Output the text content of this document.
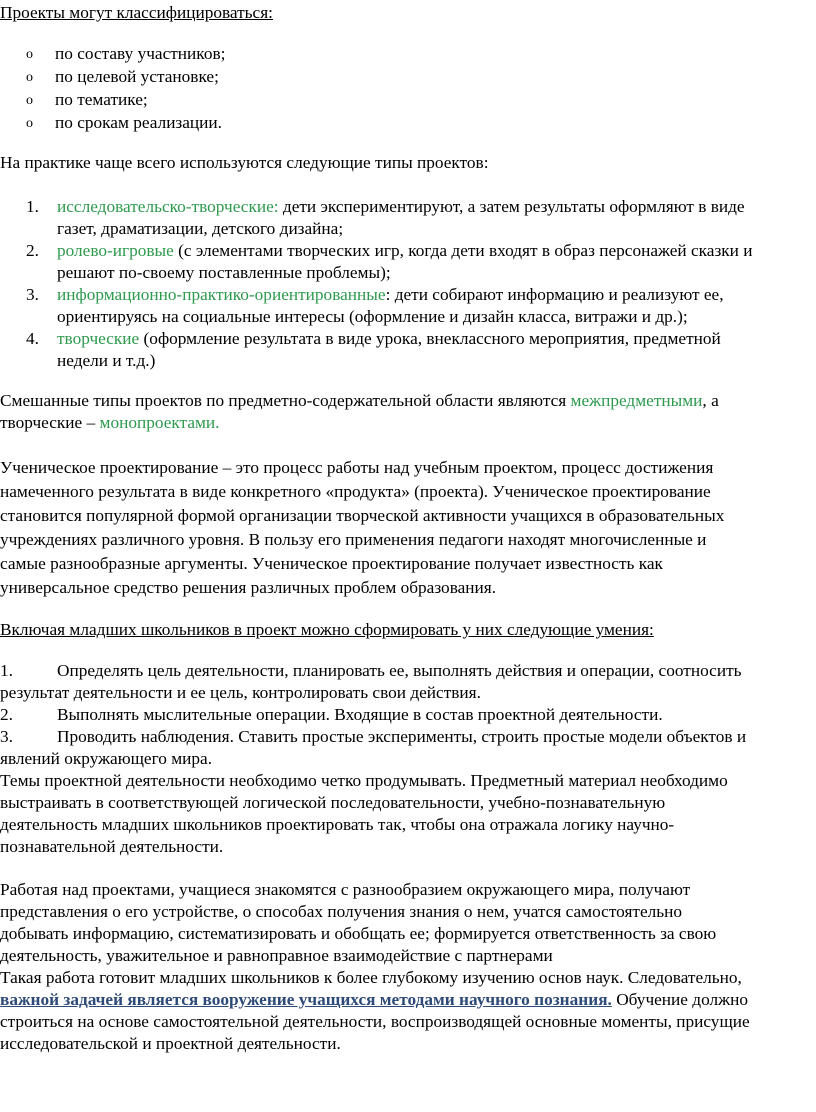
Проекты могут классифицироваться:
o по составу участников;
o по целевой установке;
o по тематике;
o по срокам реализации.
На практике чаще всего используются следующие типы проектов:
1. исследовательско-творческие: дети экспериментируют, а затем результаты оформляют в виде
газет, драматизации, детского дизайна;
2. ролево-игровые (с элементами творческих игр, когда дети входят в образ персонажей сказки и
решают по-своему поставленные проблемы);
3. информационно-практико-ориентированные: дети собирают информацию и реализуют ее,
ориентируясь на социальные интересы (оформление и дизайн класса, витражи и др.);
4. творческие (оформление результата в виде урока, внеклассного мероприятия, предметной
недели и т.д.)
Смешанные типы проектов по предметно-содержательной области являются межпредметными, а
творческие – монопроектами.
Ученическое проектирование – это процесс работы над учебным проектом, процесс достижения
намеченного результата в виде конкретного «продукта» (проекта). Ученическое проектирование
становится популярной формой организации творческой активности учащихся в образовательных
учреждениях различного уровня. В пользу его применения педагоги находят многочисленные и
самые разнообразные аргументы. Ученическое проектирование получает известность как
универсальное средство решения различных проблем образования.
Включая младших школьников в проект можно сформировать у них следующие умения:
1.	Определять цель деятельности, планировать ее, выполнять действия и операции, соотносить
результат деятельности и ее цель, контролировать свои действия.
2.	Выполнять мыслительные операции. Входящие в состав проектной деятельности.
3.	Проводить наблюдения. Ставить простые эксперименты, строить простые модели объектов и
явлений окружающего мира.
Темы проектной деятельности необходимо четко продумывать. Предметный материал необходимо
выстраивать в соответствующей логической последовательности, учебно-познавательную
деятельность младших школьников проектировать так, чтобы она отражала логику научно-
познавательной деятельности.
Работая над проектами, учащиеся знакомятся с разнообразием окружающего мира, получают
представления о его устройстве, о способах получения знания о нем, учатся самостоятельно
добывать информацию, систематизировать и обобщать ее; формируется ответственность за свою
деятельность, уважительное и равноправное взаимодействие с партнерами
Такая работа готовит младших школьников к более глубокому изучению основ наук. Следовательно,
важной задачей является вооружение учащихся методами научного познания. Обучение должно
строиться на основе самостоятельной деятельности, воспроизводящей основные моменты, присущие
исследовательской и проектной деятельности.
